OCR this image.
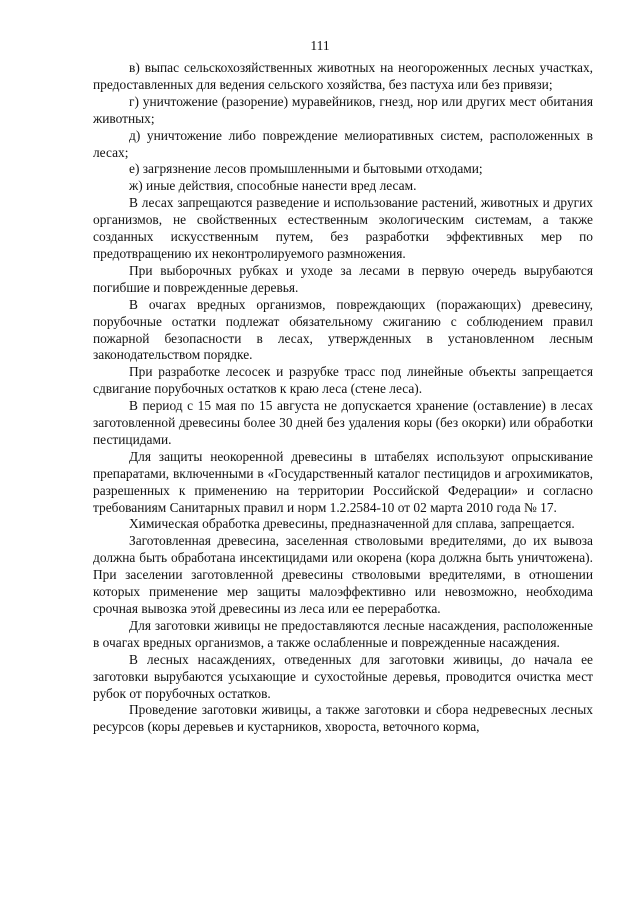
111

в) выпас сельскохозяйственных животных на неогороженных лесных участках, предоставленных для ведения сельского хозяйства, без пастуха или без привязи;

г) уничтожение (разорение) муравейников, гнезд, нор или других мест обитания животных;

д) уничтожение либо повреждение мелиоративных систем, расположенных в лесах;

е) загрязнение лесов промышленными и бытовыми отходами;

ж) иные действия, способные нанести вред лесам.

В лесах запрещаются разведение и использование растений, животных и других организмов, не свойственных естественным экологическим системам, а также созданных искусственным путем, без разработки эффективных мер по предотвращению их неконтролируемого размножения.

При выборочных рубках и уходе за лесами в первую очередь вырубаются погибшие и поврежденные деревья.

В очагах вредных организмов, повреждающих (поражающих) древесину, порубочные остатки подлежат обязательному сжиганию с соблюдением правил пожарной безопасности в лесах, утвержденных в установленном лесным законодательством порядке.

При разработке лесосек и разрубке трасс под линейные объекты запрещается сдвигание порубочных остатков к краю леса (стене леса).

В период с 15 мая по 15 августа не допускается хранение (оставление) в лесах заготовленной древесины более 30 дней без удаления коры (без окорки) или обработки пестицидами.

Для защиты неокоренной древесины в штабелях используют опрыскивание препаратами, включенными в «Государственный каталог пестицидов и агрохимикатов, разрешенных к применению на территории Российской Федерации» и согласно требованиям Санитарных правил и норм 1.2.2584-10 от 02 марта 2010 года № 17.

Химическая обработка древесины, предназначенной для сплава, запрещается.

Заготовленная древесина, заселенная стволовыми вредителями, до их вывоза должна быть обработана инсектицидами или окорена (кора должна быть уничтожена). При заселении заготовленной древесины стволовыми вредителями, в отношении которых применение мер защиты малоэффективно или невозможно, необходима срочная вывозка этой древесины из леса или ее переработка.

Для заготовки живицы не предоставляются лесные насаждения, расположенные в очагах вредных организмов, а также ослабленные и поврежденные насаждения.

В лесных насаждениях, отведенных для заготовки живицы, до начала ее заготовки вырубаются усыхающие и сухостойные деревья, проводится очистка мест рубок от порубочных остатков.

Проведение заготовки живицы, а также заготовки и сбора недревесных лесных ресурсов (коры деревьев и кустарников, хвороста, веточного корма,
